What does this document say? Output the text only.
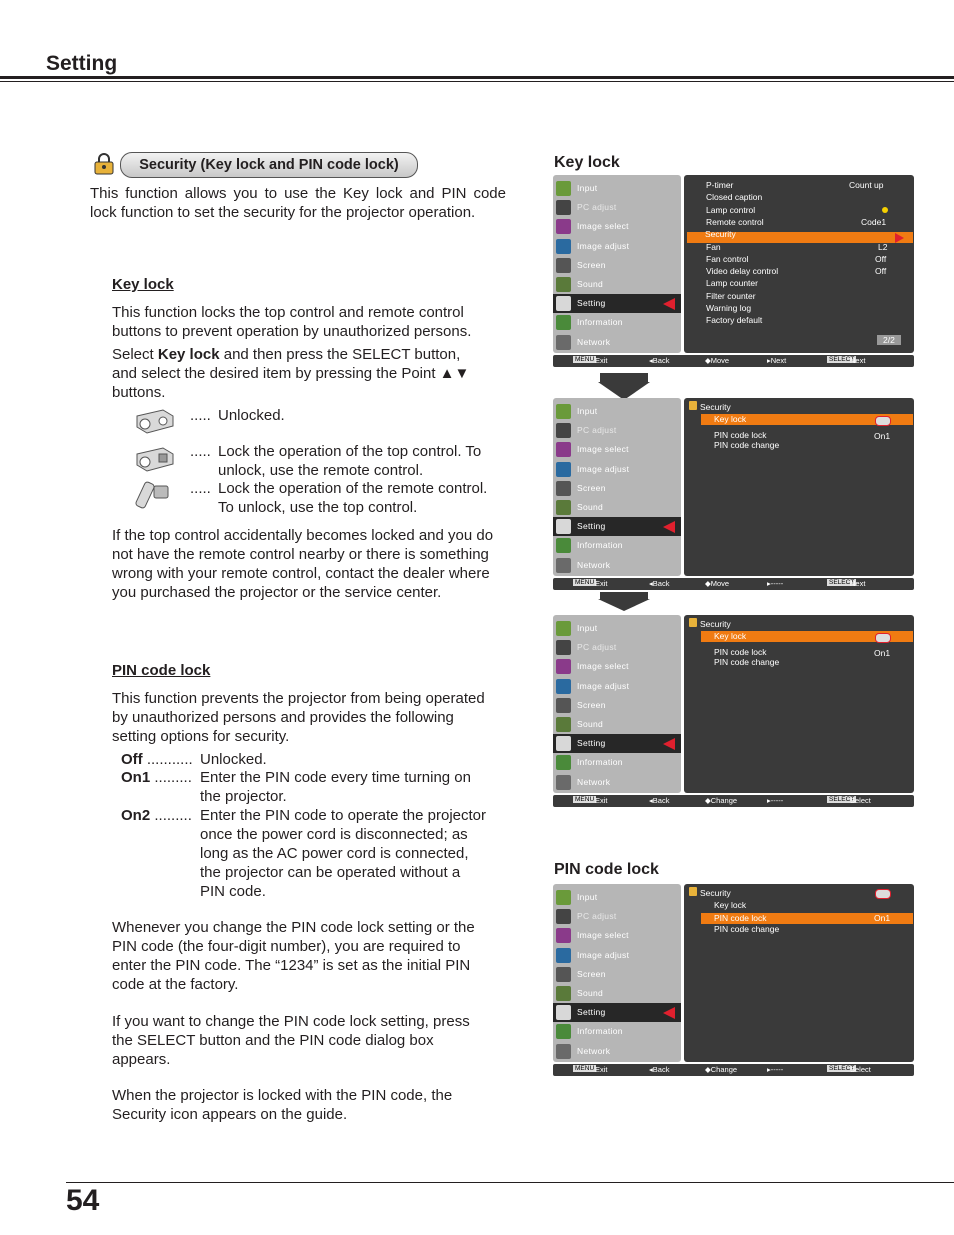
Setting
Security (Key lock and PIN code lock)
This function allows you to use the Key lock and PIN code lock function to set the security for the projector operation.
Key lock
This function locks the top control and remote control
buttons to prevent operation by unauthorized persons.
Select Key lock and then press the SELECT button,
and select the desired item by pressing the Point ▲▼
buttons.
..... Unlocked.
..... Lock the operation of the top control. To
unlock, use the remote control.
..... Lock the operation of the remote control.
To unlock, use the top control.
If the top control accidentally becomes locked and you do
not have the remote control nearby or there is something
wrong with your remote control, contact the dealer where
you purchased the projector or the service center.
PIN code lock
This function prevents the projector from being operated
by unauthorized persons and provides the following
setting options for security.
Off ........... Unlocked.
On1 ......... Enter the PIN code every time turning on
the projector.
On2 ......... Enter the PIN code to operate the projector
once the power cord is disconnected; as
long as the AC power cord is connected,
the projector can be operated without a
PIN code.
Whenever you change the PIN code lock setting or the
PIN code (the four-digit number), you are required to
enter the PIN code. The “1234” is set as the initial PIN
code at the factory.
If you want to change the PIN code lock setting, press
the SELECT button and the PIN code dialog box
appears.
When the projector is locked with the PIN code, the
Security icon appears on the guide.
Key lock
PIN code lock
Input
PC adjust
Image select
Image adjust
Screen
Sound
Setting
Information
Network
MENU	SELECT
Exit	◂Back	◆Move	▸Next	Next
P-timer	Count up
Closed caption
Lamp control
Remote control	Code1
Security
Fan	L2
Fan control	Off
Video delay control	Off
Lamp counter
Filter counter
Warning log
Factory default
2/2
Input
PC adjust
Image select
Image adjust
Screen
Sound
Setting
Information
Network
MENU	SELECT
Exit	◂Back	◆Move	▸-----	Next
Security
Key lock
PIN code lock	On1
PIN code change
Input
PC adjust
Image select
Image adjust
Screen
Sound
Setting
Information
Network
MENU	SELECT
Exit	◂Back	◆Change	▸-----	Select
Security
Key lock
PIN code lock	On1
PIN code change
Input
PC adjust
Image select
Image adjust
Screen
Sound
Setting
Information
Network
MENU	SELECT
Exit	◂Back	◆Change	▸-----	Select
Security
Key lock
PIN code lock	On1
PIN code change
54
